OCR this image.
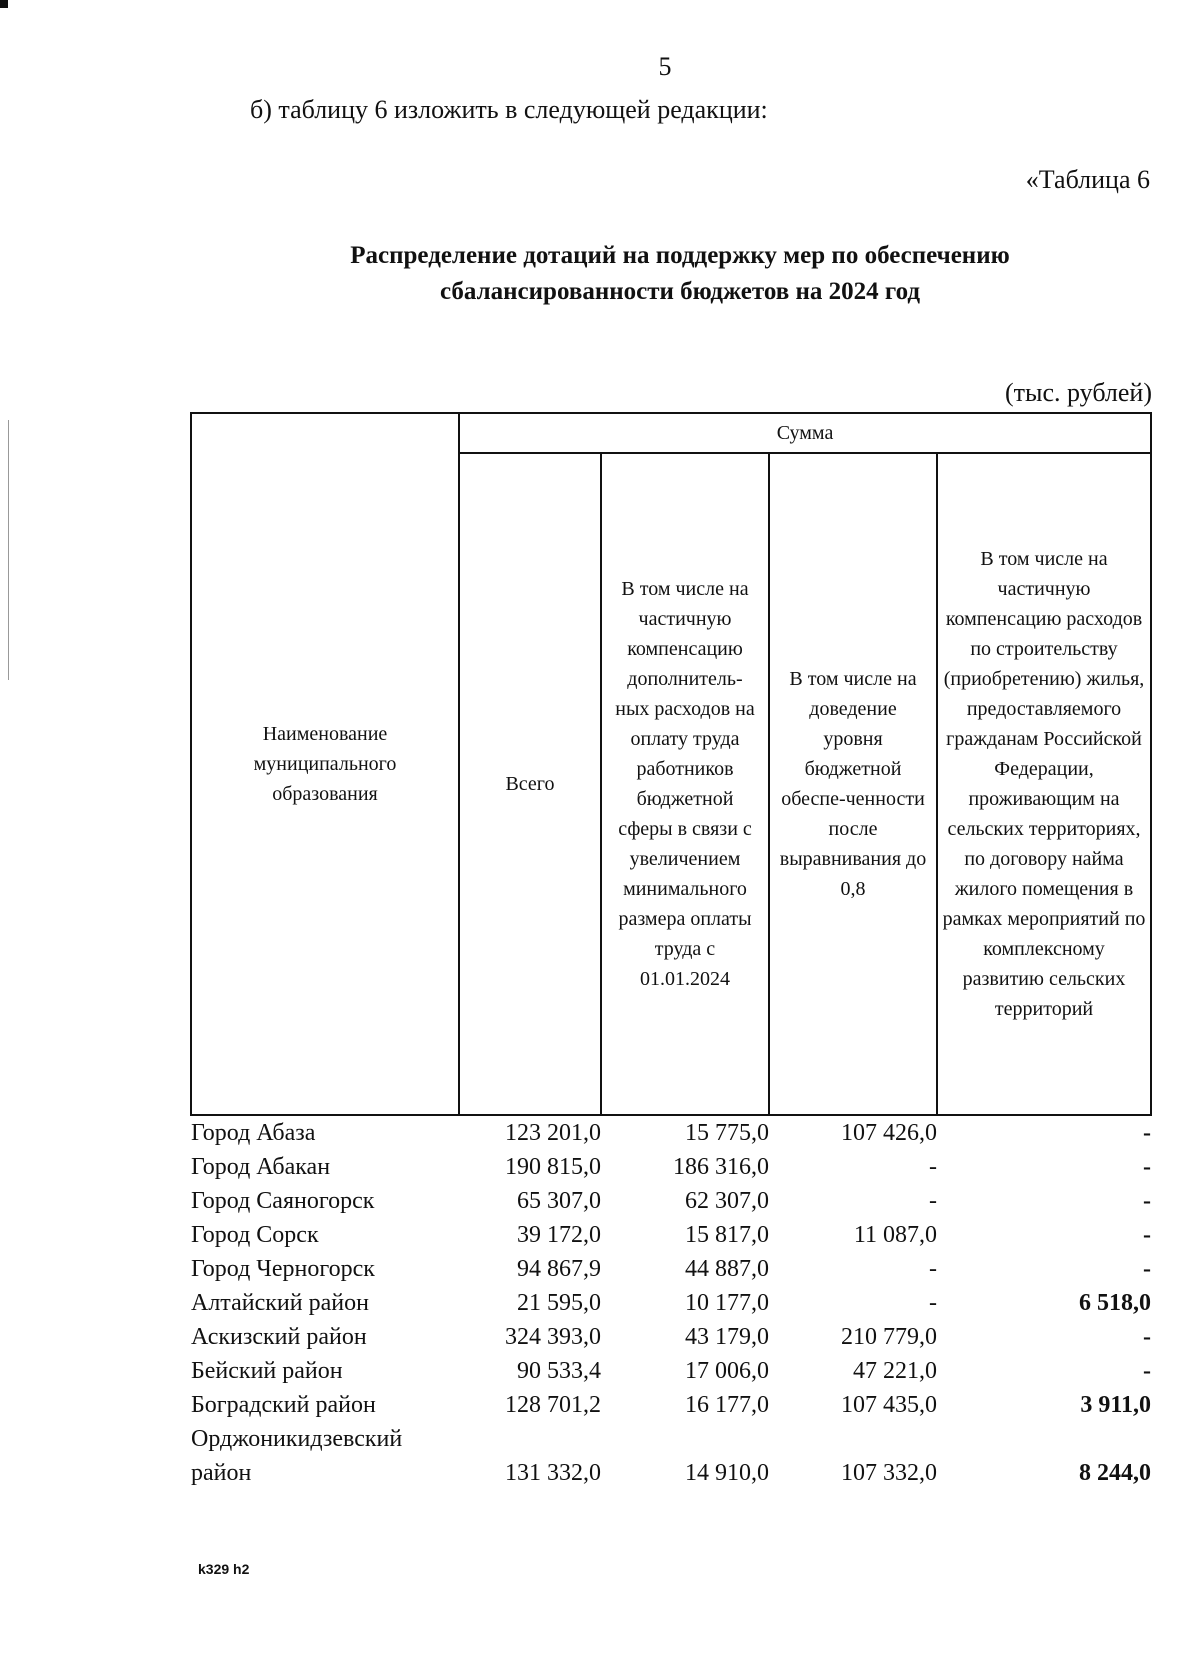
5
б) таблицу 6 изложить в следующей редакции:
«Таблица 6
Распределение дотаций на поддержку мер по обеспечению
сбалансированности бюджетов на 2024 год
(тыс. рублей)
Наименование муниципального образования	Сумма			
	Всего	В том числе на частичную компенсацию дополнитель-ных расходов на оплату труда работников бюджетной сферы в связи с увеличением минимального размера оплаты труда с 01.01.2024	В том числе на доведение уровня бюджетной обеспе-ченности после выравнивания до 0,8	В том числе на частичную компенсацию расходов по строительству (приобретению) жилья, предоставляемого гражданам Российской Федерации, проживающим на сельских территориях, по договору найма жилого помещения в рамках мероприятий по комплексному развитию сельских территорий
Город Абаза	123 201,0	15 775,0	107 426,0	-
Город Абакан	190 815,0	186 316,0	-	-
Город Саяногорск	65 307,0	62 307,0	-	-
Город Сорск	39 172,0	15 817,0	11 087,0	-
Город Черногорск	94 867,9	44 887,0	-	-
Алтайский район	21 595,0	10 177,0	-	6 518,0
Аскизский район	324 393,0	43 179,0	210 779,0	-
Бейский район	90 533,4	17 006,0	47 221,0	-
Боградский район	128 701,2	16 177,0	107 435,0	3 911,0
Орджоникидзевский район	131 332,0	14 910,0	107 332,0	8 244,0
k329 h2
